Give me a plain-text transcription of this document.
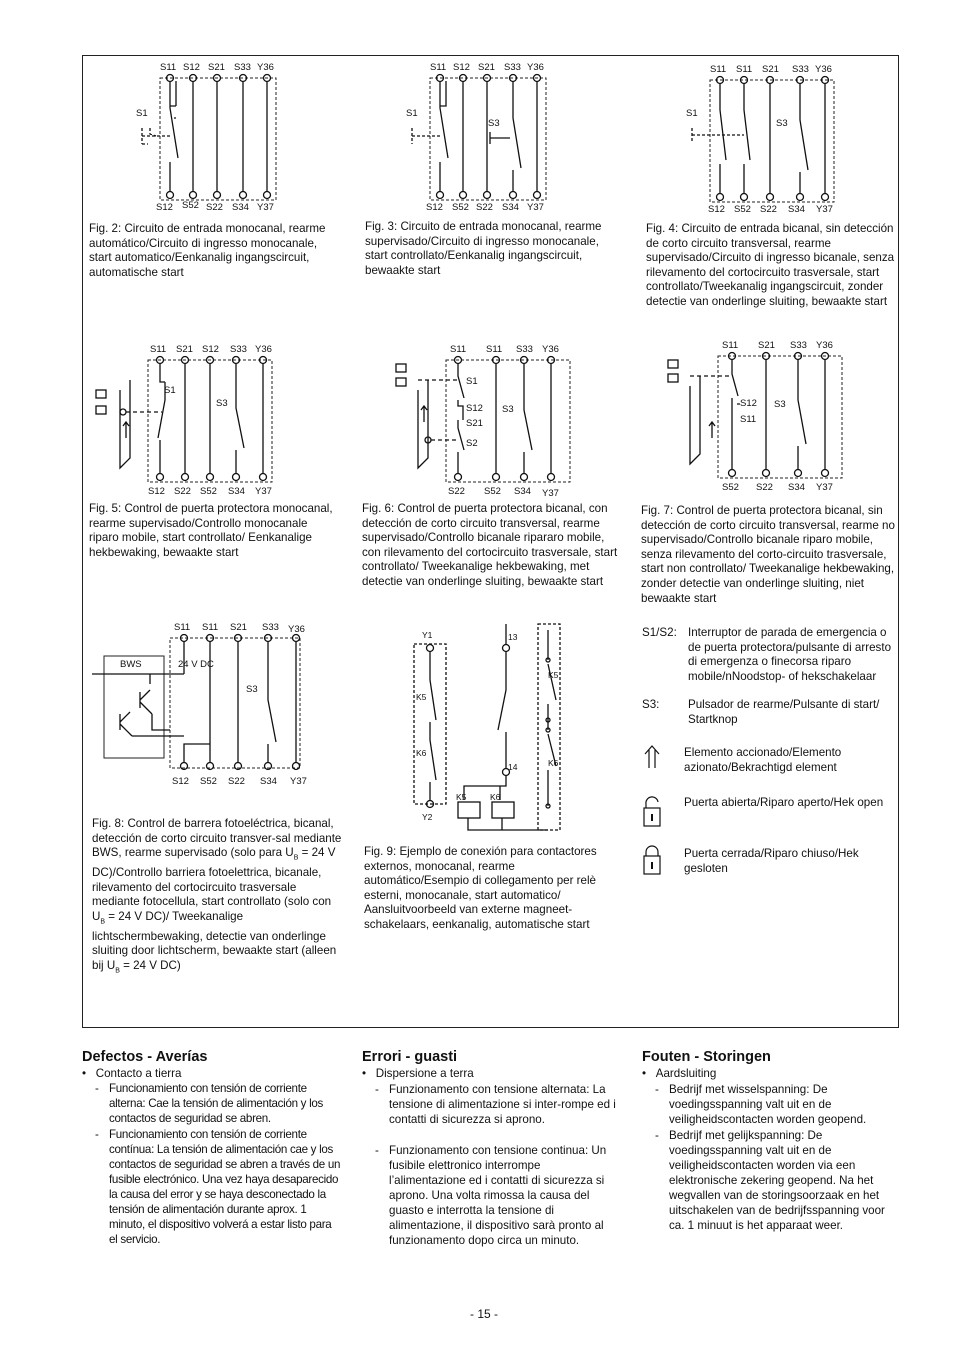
S11 S12 S21 S33 Y36
S12 S52 S22 S34 Y37
S1
S11 S12 S21 S33 Y36
S12 S52 S22 S34 Y37
S1
S3
S11 S11 S21 S33 Y36
S12 S52 S22 S34 Y37
S1
S3
Fig. 2: Circuito de entrada monocanal, rearme automático/Circuito di ingresso monocanale, start automatico/Eenkanalig ingangscircuit, automatische start
Fig. 3: Circuito de entrada monocanal, rearme supervisado/Circuito di ingresso monocanale, start controllato/Eenkanalig ingangscircuit, bewaakte start
Fig. 4: Circuito de entrada bicanal, sin detección de corto circuito transversal, rearme supervisado/Circuito di ingresso bicanale, senza rilevamento del cortocircuito trasversale, start controllato/Tweekanalig ingangscircuit, zonder detectie van onderlinge sluiting, bewaakte start
S11 S21 S12 S33 Y36
S12 S22 S52 S34 Y37
S1
S3
S11 S11 S33 Y36
S22 S52 S34 Y37
S1
S12
S21
S2
S3
S11 S21 S33 Y36
S52 S22 S34 Y37
S12
S11
S3
Fig. 5: Control de puerta protectora monocanal, rearme supervisado/Controllo monocanale riparo mobile, start controllato/ Eenkanalige hekbewaking, bewaakte start
Fig. 6: Control de puerta protectora bicanal, con detección de corto circuito transversal, rearme supervisado/Controllo bicanale ripararo mobile, con rilevamento del cortocircuito trasversale, start controllato/ Tweekanalige hekbewaking, met detectie van onderlinge sluiting, bewaakte start
Fig. 7: Control de puerta protectora bicanal, sin detección de corto circuito transversal, rearme no supervisado/Controllo bicanale riparo mobile, senza rilevamento del corto-circuito trasversale, start non controllato/ Tweekanalige hekbewaking, zonder detectie van onderlinge sluiting, niet bewaakte start
S11 S11 S21 S33 Y36
S12 S52 S22 S34 Y37
BWS	24 V DC
S3
Fig. 8: Control de barrera fotoeléctrica, bicanal, detección de corto circuito transver-sal mediante BWS, rearme supervisado (solo para $U_B = 24$ V DC)/Controllo barriera fotoelettrica, bicanale, rilevamento del cortocircuito trasversale mediante fotocellula, start controllato (solo con $U_B = 24$ V DC)/ Tweekanalige lichtschermbewaking, detectie van onderlinge sluiting door lichtscherm, bewaakte start (alleen bij $U_B = 24$ V DC)
Y1
Y2
13
14
K5
K6
K5
K6
K5	K6
Fig. 9: Ejemplo de conexión para contactores externos, monocanal, rearme automático/Esempio di collegamento per relè esterni, monocanale, start automatico/ Aansluitvoorbeeld van externe magneet-schakelaars, eenkanalig, automatische start
S1/S2: Interruptor de parada de emergencia o de puerta protectora/pulsante di arresto di emergenza o finecorsa riparo mobile/nNoodstop- of hekschakelaar
S3:	Pulsador de rearme/Pulsante di start/ Startknop
Elemento accionado/Elemento azionato/Bekrachtigd element
Puerta abierta/Riparo aperto/Hek open
Puerta cerrada/Riparo chiuso/Hek gesloten
Defectos - Averías
•   Contacto a tierra
- Funcionamiento con tensión de corriente alterna: Cae la tensión de alimentación y los contactos de seguridad se abren.
- Funcionamiento con tensión de corriente contínua: La tensión de alimentación cae y los contactos de seguridad se abren a través de un fusible electrónico. Una vez haya desaparecido la causa del error y se haya desconectado la tensión de alimentación durante aprox. 1 minuto, el dispositivo volverá a estar listo para el servicio.
Errori - guasti
•   Dispersione a terra
- Funzionamento con tensione alternata: La tensione di alimentazione si inter-rompe ed i contatti di sicurezza si aprono.
- Funzionamento con tensione continua: Un fusibile elettronico interrompe l’alimentazione ed i contatti di sicurezza si aprono. Una volta rimossa la causa del guasto e interrotta la tensione di alimentazione, il dispositivo sarà pronto al funzionamento dopo circa un minuto.
Fouten - Storingen
•   Aardsluiting
- Bedrijf met wisselspanning: De voedingsspanning valt uit en de veiligheidscontacten worden geopend.
- Bedrijf met gelijkspanning: De voedingsspanning valt uit en de veiligheidscontacten worden via een elektronische zekering geopend. Na het wegvallen van de storingsoorzaak en het uitschakelen van de bedrijfsspanning voor ca. 1 minuut is het apparaat weer.
- 15 -
